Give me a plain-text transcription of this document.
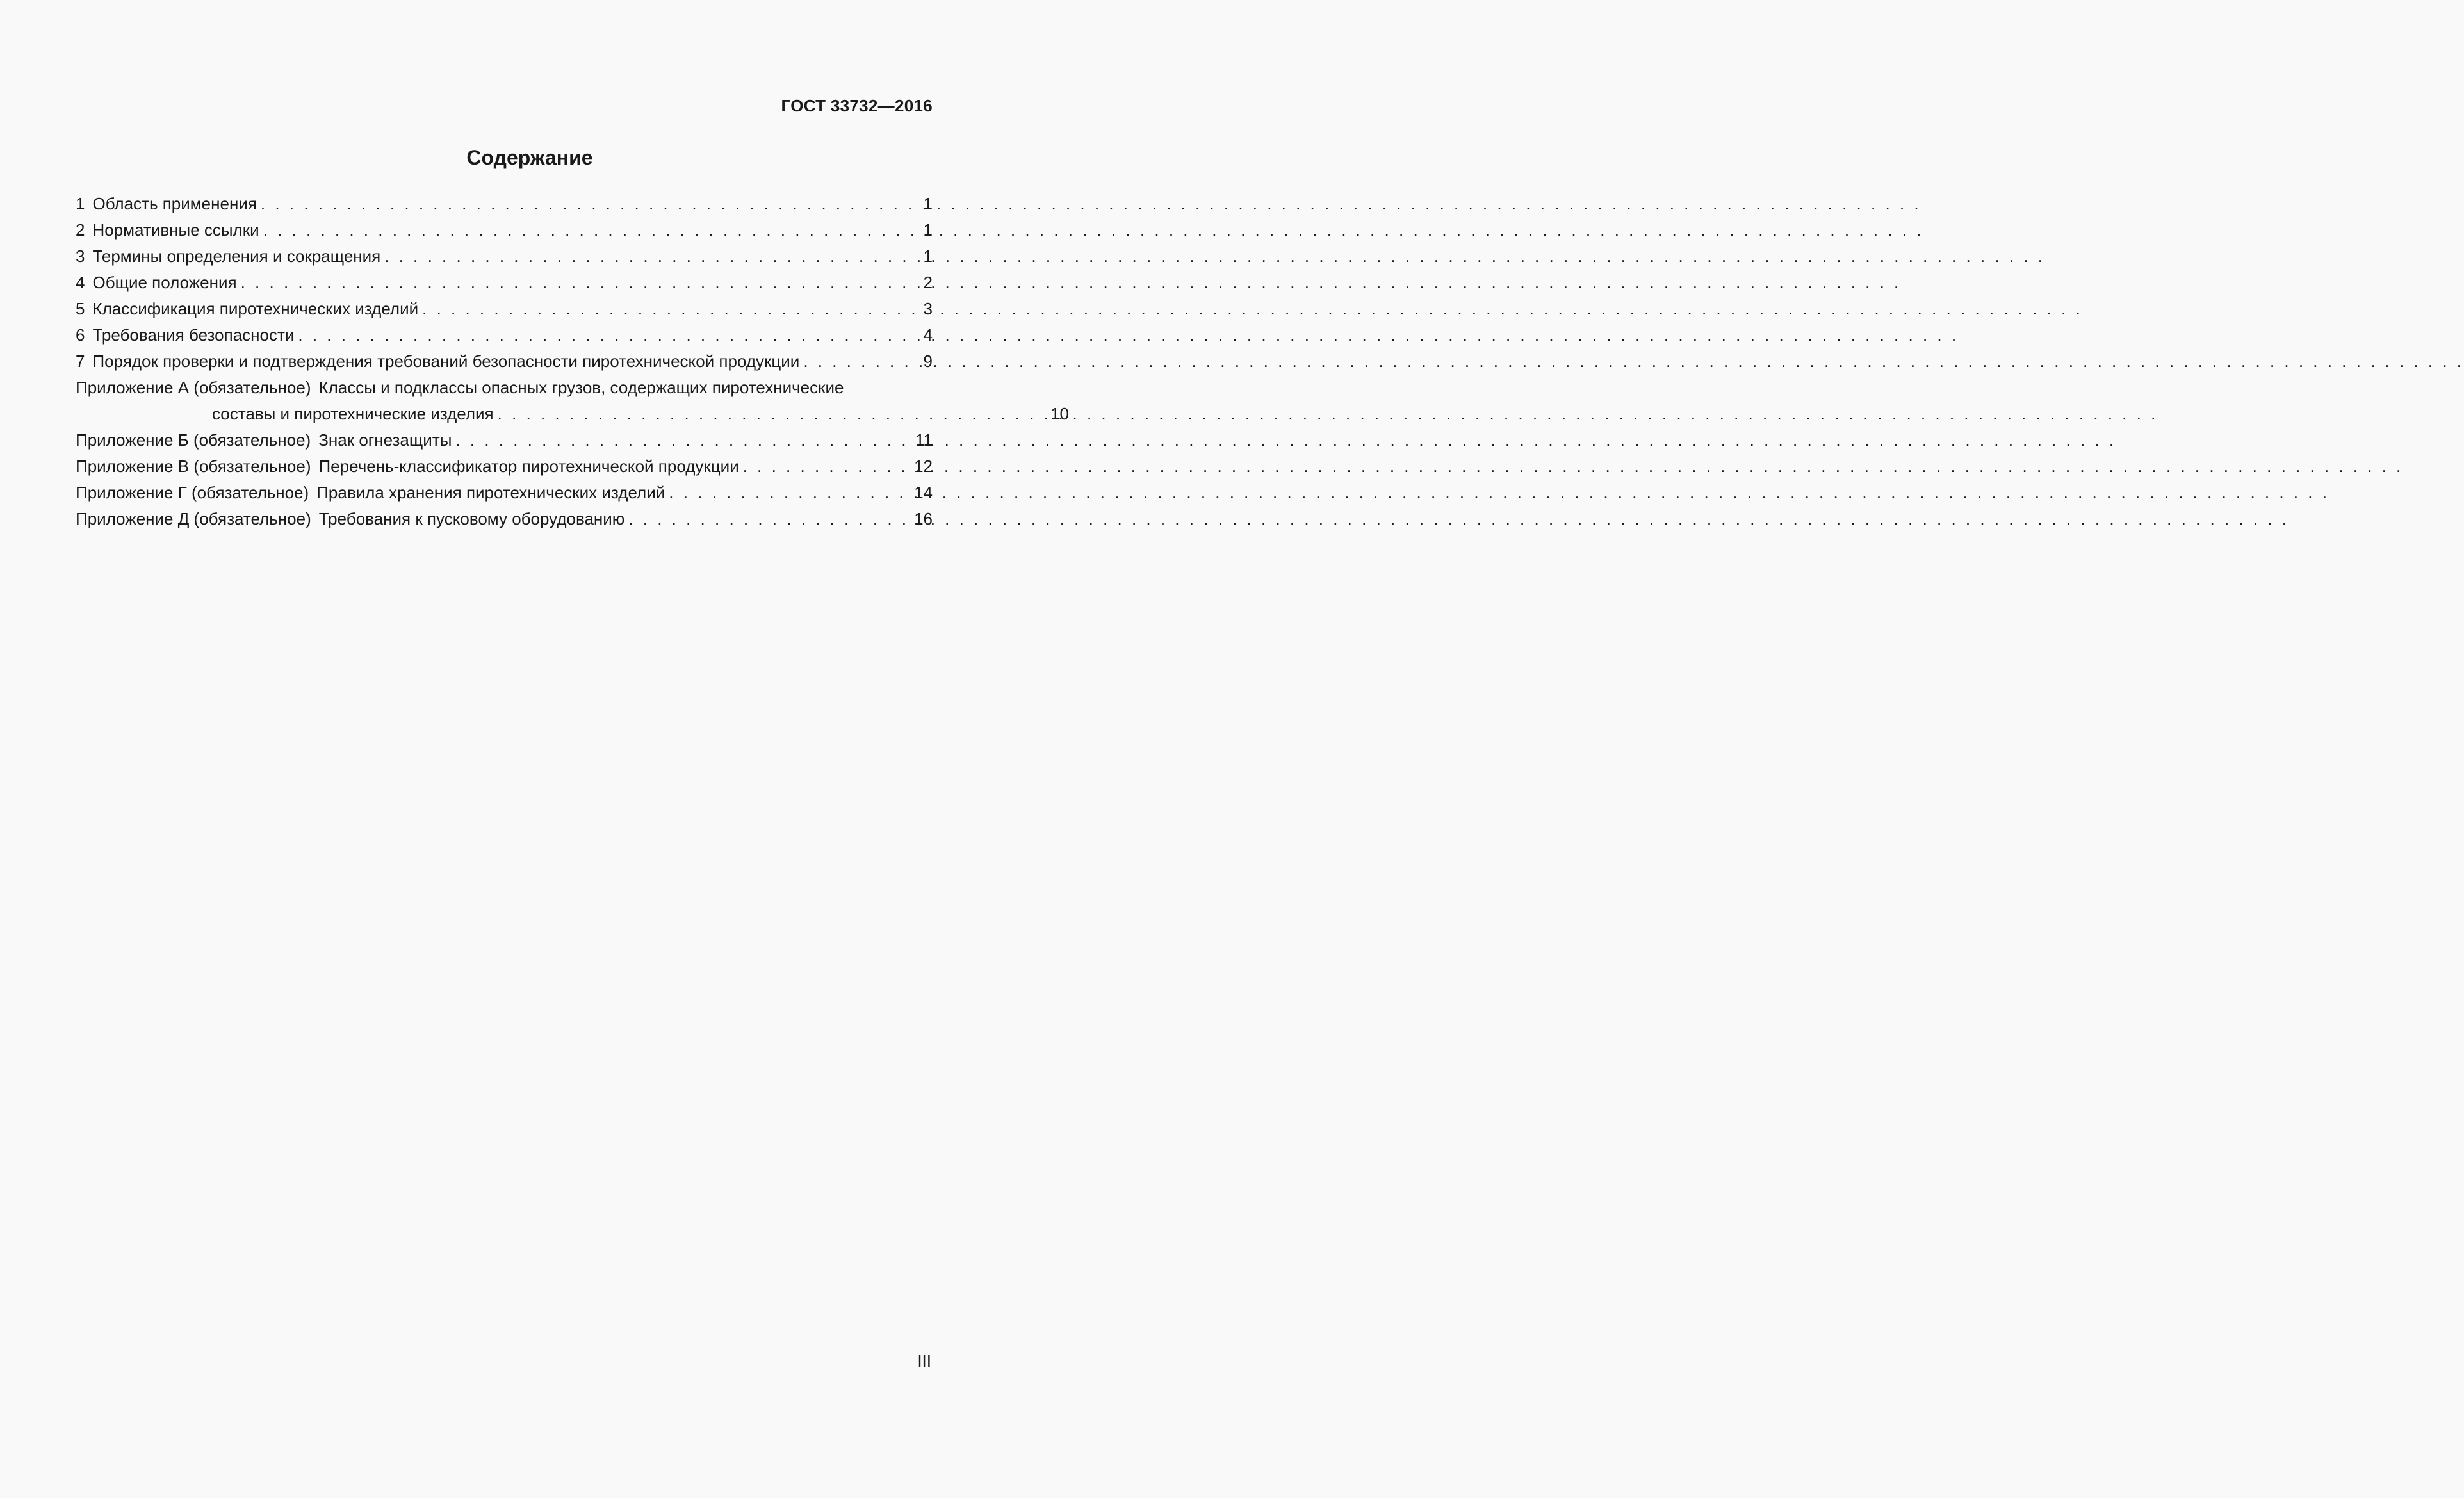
ГОСТ 33732—2016
Содержание
1 Область применения . . .	1
2 Нормативные ссылки . . .	1
3 Термины определения и сокращения . . .	1
4 Общие положения . . .	2
5 Классификация пиротехнических изделий . . .	3
6 Требования безопасности . . .	4
7 Порядок проверки и подтверждения требований безопасности пиротехнической продукции . . .	9
Приложение А (обязательное) Классы и подклассы опасных грузов, содержащих пиротехнические
составы и пиротехнические изделия . . .	10
Приложение Б (обязательное) Знак огнезащиты . . .	11
Приложение В (обязательное) Перечень-классификатор пиротехнической продукции . . .	12
Приложение Г (обязательное) Правила хранения пиротехнических изделий . . .	14
Приложение Д (обязательное) Требования к пусковому оборудованию . . .	16
III
